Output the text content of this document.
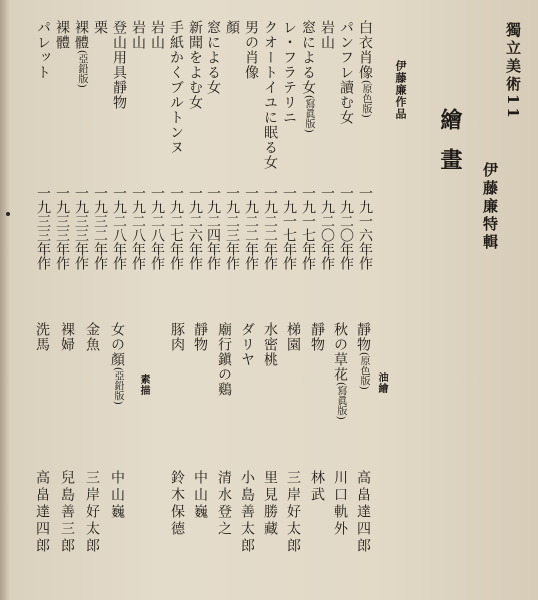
獨立美術11
伊藤廉特輯
繪畫
伊藤廉作品
白衣肖像(原色版)
パンフレ讀む女
岩山
窓による女(寫眞版)
レ・フラテリニ
クオートイユに眠る女
男の肖像
顏
窓による女
新聞をよむ女
手紙かくブルトンヌ
岩山
岩山
登山用具靜物
栗
裸體(亞鉛版)
裸體
パレット
一九一六年作
一九二〇年作
一九二〇年作
一九一七年作
一九一七年作
一九二二年作
一九二二年作
一九二三年作
一九二四年作
一九二六年作
一九二七年作
一九二八年作
一九二八年作
一九二八年作
一九三二年作
一九三三年作
一九三三年作
一九三三年作
油繪
靜物(原色版)
高畠達四郎
秋の草花(寫眞版)
川口軌外
靜物
林武
梯園
三岸好太郎
水密桃
里見勝藏
ダリヤ
小島善太郎
廟行鎭の鷄
清水登之
靜物
中山巍
豚肉
鈴木保德
素描
女の顏(亞鉛版)
中山巍
金魚
三岸好太郎
裸婦
兒島善三郎
洗馬
高畠達四郎
